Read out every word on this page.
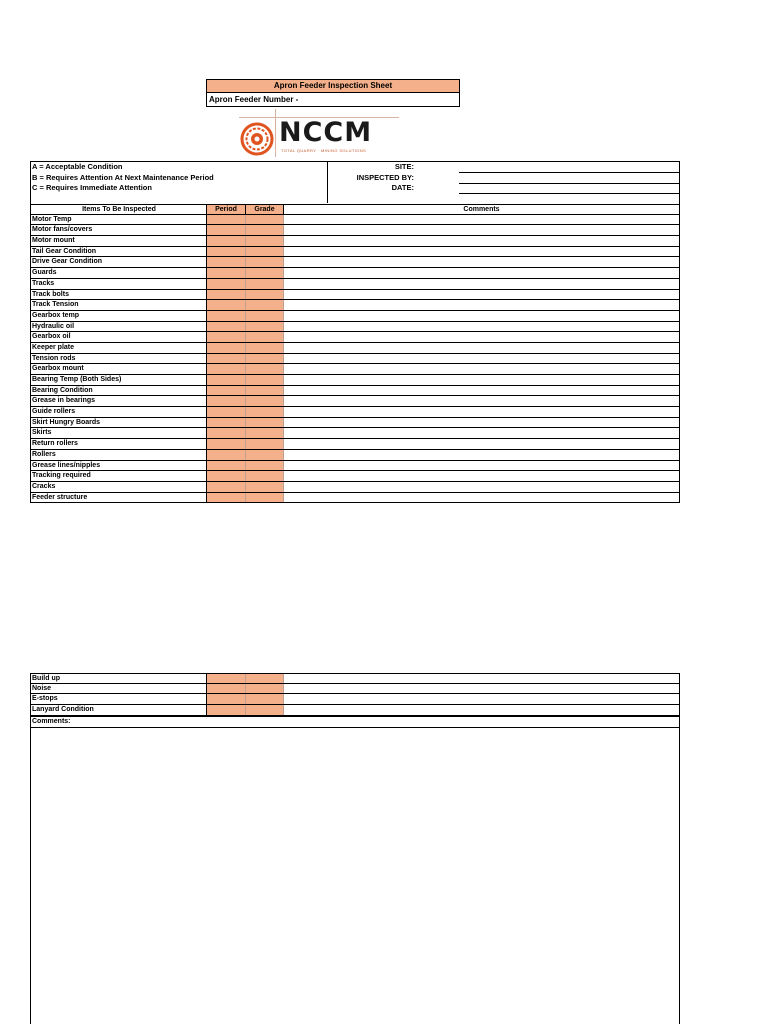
Apron Feeder Inspection Sheet
Apron Feeder Number -
NCCM
TOTAL QUARRY · MINING SOLUTIONS
A = Acceptable Condition
B = Requires Attention At Next Maintenance Period
C = Requires Immediate Attention
SITE:
INSPECTED BY:
DATE:
Items To Be Inspected	Period	Grade	Comments
Motor Temp
Motor fans/covers
Motor mount
Tail Gear Condition
Drive Gear Condition
Guards
Tracks
Track bolts
Track Tension
Gearbox temp
Hydraulic oil
Gearbox oil
Keeper plate
Tension rods
Gearbox mount
Bearing Temp (Both Sides)
Bearing Condition
Grease in bearings
Guide rollers
Skirt Hungry Boards
Skirts
Return rollers
Rollers
Grease lines/nipples
Tracking required
Cracks
Feeder structure
Build up
Noise
E-stops
Lanyard Condition
Comments:
